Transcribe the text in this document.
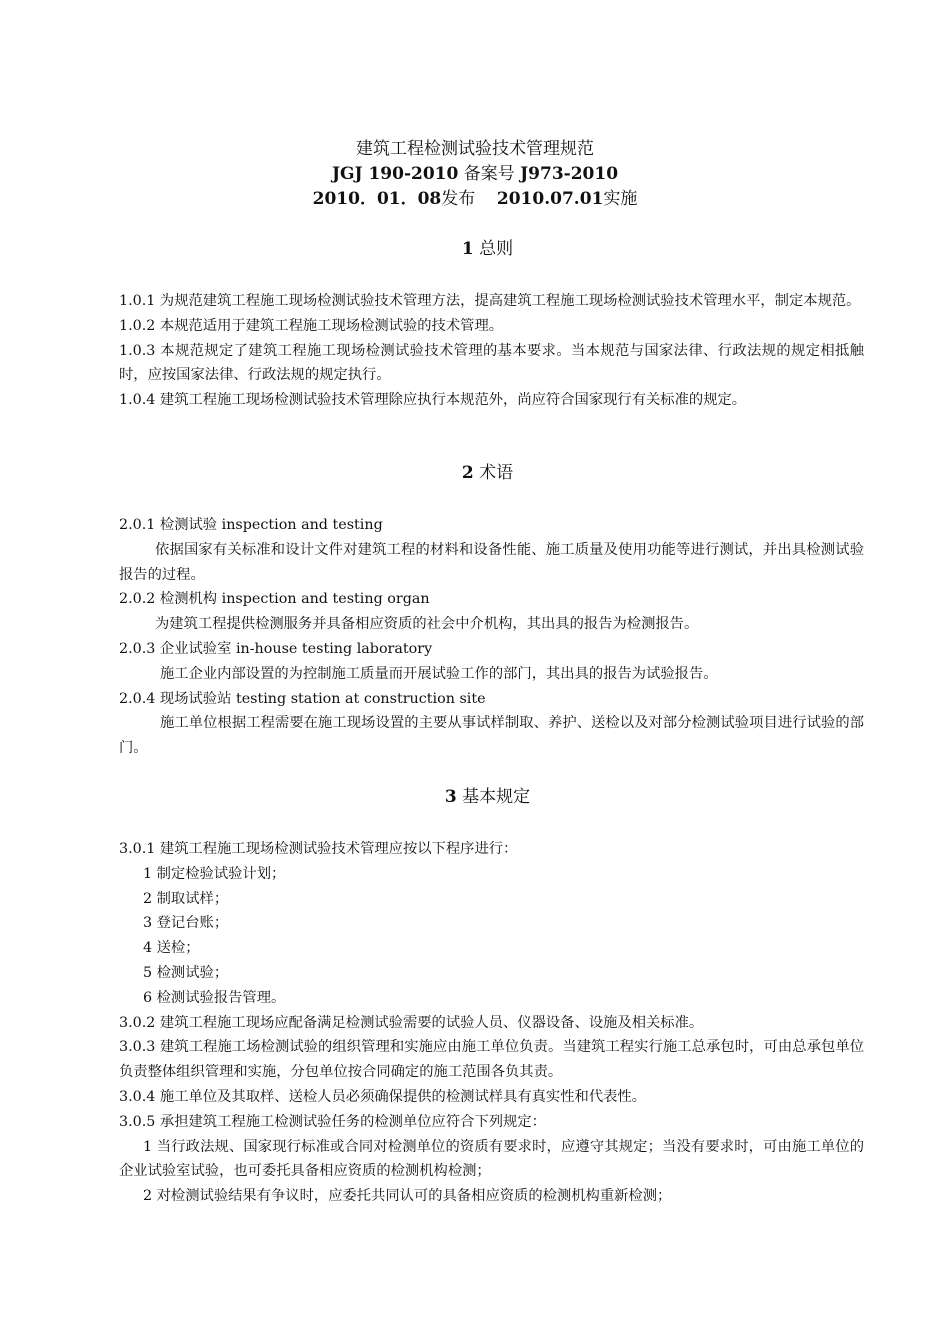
建筑工程检测试验技术管理规范
JGJ 190-2010 备案号 J973-2010
2010．01．08发布 2010.07.01实施
1 总则
1.0.1 为规范建筑工程施工现场检测试验技术管理方法，提高建筑工程施工现场检测试验技术管理水平，制定本规范。
1.0.2 本规范适用于建筑工程施工现场检测试验的技术管理。
1.0.3 本规范规定了建筑工程施工现场检测试验技术管理的基本要求。当本规范与国家法律、行政法规的规定相抵触时，应按国家法律、行政法规的规定执行。
1.0.4 建筑工程施工现场检测试验技术管理除应执行本规范外，尚应符合国家现行有关标准的规定。
2 术语
2.0.1 检测试验 inspection and testing
依据国家有关标准和设计文件对建筑工程的材料和设备性能、施工质量及使用功能等进行测试，并出具检测试验报告的过程。
2.0.2 检测机构 inspection and testing organ
为建筑工程提供检测服务并具备相应资质的社会中介机构，其出具的报告为检测报告。
2.0.3 企业试验室 in-house testing laboratory
施工企业内部设置的为控制施工质量而开展试验工作的部门，其出具的报告为试验报告。
2.0.4 现场试验站 testing station at construction site
施工单位根据工程需要在施工现场设置的主要从事试样制取、养护、送检以及对部分检测试验项目进行试验的部门。
3 基本规定
3.0.1 建筑工程施工现场检测试验技术管理应按以下程序进行：
1 制定检验试验计划；
2 制取试样；
3 登记台账；
4 送检；
5 检测试验；
6 检测试验报告管理。
3.0.2 建筑工程施工现场应配备满足检测试验需要的试验人员、仪器设备、设施及相关标准。
3.0.3 建筑工程施工场检测试验的组织管理和实施应由施工单位负责。当建筑工程实行施工总承包时，可由总承包单位负责整体组织管理和实施，分包单位按合同确定的施工范围各负其责。
3.0.4 施工单位及其取样、送检人员必须确保提供的检测试样具有真实性和代表性。
3.0.5 承担建筑工程施工检测试验任务的检测单位应符合下列规定：
1 当行政法规、国家现行标准或合同对检测单位的资质有要求时，应遵守其规定；当没有要求时，可由施工单位的企业试验室试验，也可委托具备相应资质的检测机构检测；
2 对检测试验结果有争议时，应委托共同认可的具备相应资质的检测机构重新检测；
